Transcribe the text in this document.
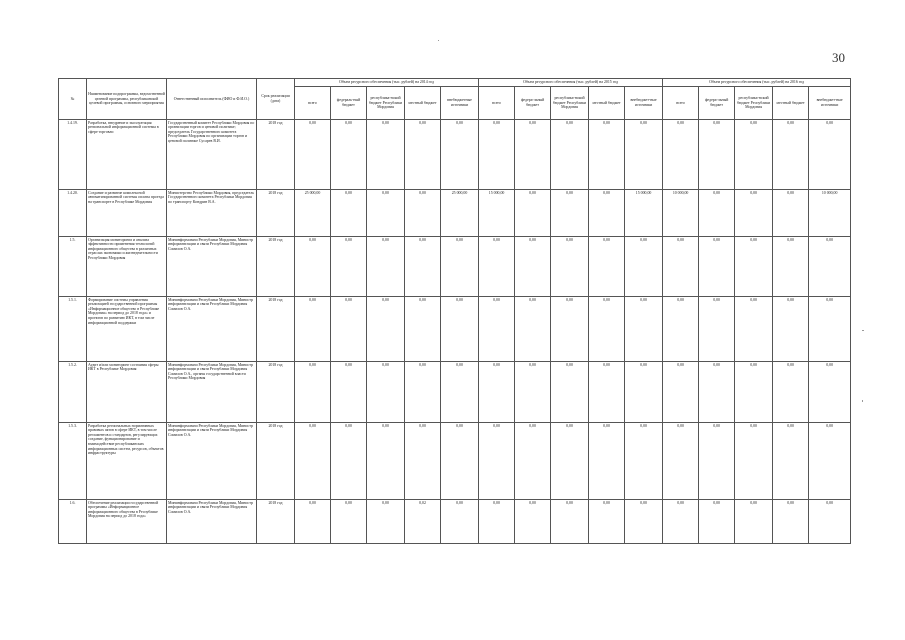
30
№	Наименование подпрограммы, ведомственной целевой программы, республиканской целевой программы, основного мероприятия	Ответственный исполнитель (ФИО и Ф.И.О.)	Срок реализации (дата)	Объем ресурсного обеспечения (тыс. рублей) на 2014 год					Объем ресурсного обеспечения (тыс. рублей) на 2015 год					Объем ресурсного обеспечения (тыс. рублей) на 2016 год				
				всего	федераль-ный бюджет	республика-нский бюджет Республики Мордовия	местный бюджет	внебюджетные источники	всего	федера-льный бюджет	республика-нский бюджет Республики Мордовия	местный бюджет	внебюджет-ные источники	всего	федера-льный бюджет	республика-нский бюджет Республики Мордовия	местный бюджет	внебюджет-ные источники
1.4.19.	Разработка, внедрение и эксплуатация региональной информационной системы в сфере торговли	Государственный комитет Республики Мордовия по организации торгов и ценовой политике; председатель Государственного комитета Республики Мордовия по организации торгов и ценовой политике Сусарев В.И.	2018 год	0,00	0,00	0,00	0,00	0,00	0,00	0,00	0,00	0,00	0,00	0,00	0,00	0,00	0,00	0,00
1.4.20.	Создание и развитие комплексной автоматизированной системы оплаты проезда на транспорте в Республике Мордовия	Министерство Республики Мордовия, председатель Государственного комитета Республики Мордовия по транспорту Кондрин В.А.	2018 год	25 000,00	0,00	0,00	0,00	25 000,00	15 000,00	0,00	0,00	0,00	15 000,00	10 000,00	0,00	0,00	0,00	10 000,00
1.5.	Организация мониторинга и анализа эффективности применения технологий информационного общества в различных отраслях экономики и жизнедеятельности Республики Мордовия	Мининформсвязи Республики Мордовия, Министр информатизации и связи Республики Мордовия Сомилов О.А.	2018 год	0,00	0,00	0,00	0,00	0,00	0,00	0,00	0,00	0,00	0,00	0,00	0,00	0,00	0,00	0,00
1.5.1.	Формирование системы управления реализацией государственной программы «Информационное общество в Республике Мордовия» на период до 2018 года» и проектов по развитию ИКТ, в том числе информационной поддержки	Мининформсвязи Республики Мордовия, Министр информатизации и связи Республики Мордовия Сомилов О.А.	2018 год	0,00	0,00	0,00	0,00	0,00	0,00	0,00	0,00	0,00	0,00	0,00	0,00	0,00	0,00	0,00
1.5.2.	Аудит и/или мониторинг состояния сферы ИКТ в Республике Мордовия	Мининформсвязи Республики Мордовия, Министр информатизации и связи Республики Мордовия Сомилов О.А., органы государственной власти Республики Мордовия	2018 год	0,00	0,00	0,00	0,00	0,00	0,00	0,00	0,00	0,00	0,00	0,00	0,00	0,00	0,00	0,00
1.5.3.	Разработка региональных нормативных правовых актов в сфере ИКТ, в том числе регламентов и стандартов, регулирующих создание, функционирование и взаимодействие республиканских информационных систем, ресурсов, объектов инфраструктуры	Мининформсвязи Республики Мордовия, Министр информатизации и связи Республики Мордовия Сомилов О.А.	2018 год	0,00	0,00	0,00	0,00	0,00	0,00	0,00	0,00	0,00	0,00	0,00	0,00	0,00	0,00	0,00
1.6.	Обеспечение реализации государственной программы «Информационное информационного общества в Республике Мордовия на период до 2018 года»	Мининформсвязи Республики Мордовия, Министр информатизации и связи Республики Мордовия Сомилов О.А.	2018 год	0,00	0,00	0,00	0,02	0,00	0,00	0,00	0,00	0,00	0,00	0,00	0,00	0,00	0,00	0,00
